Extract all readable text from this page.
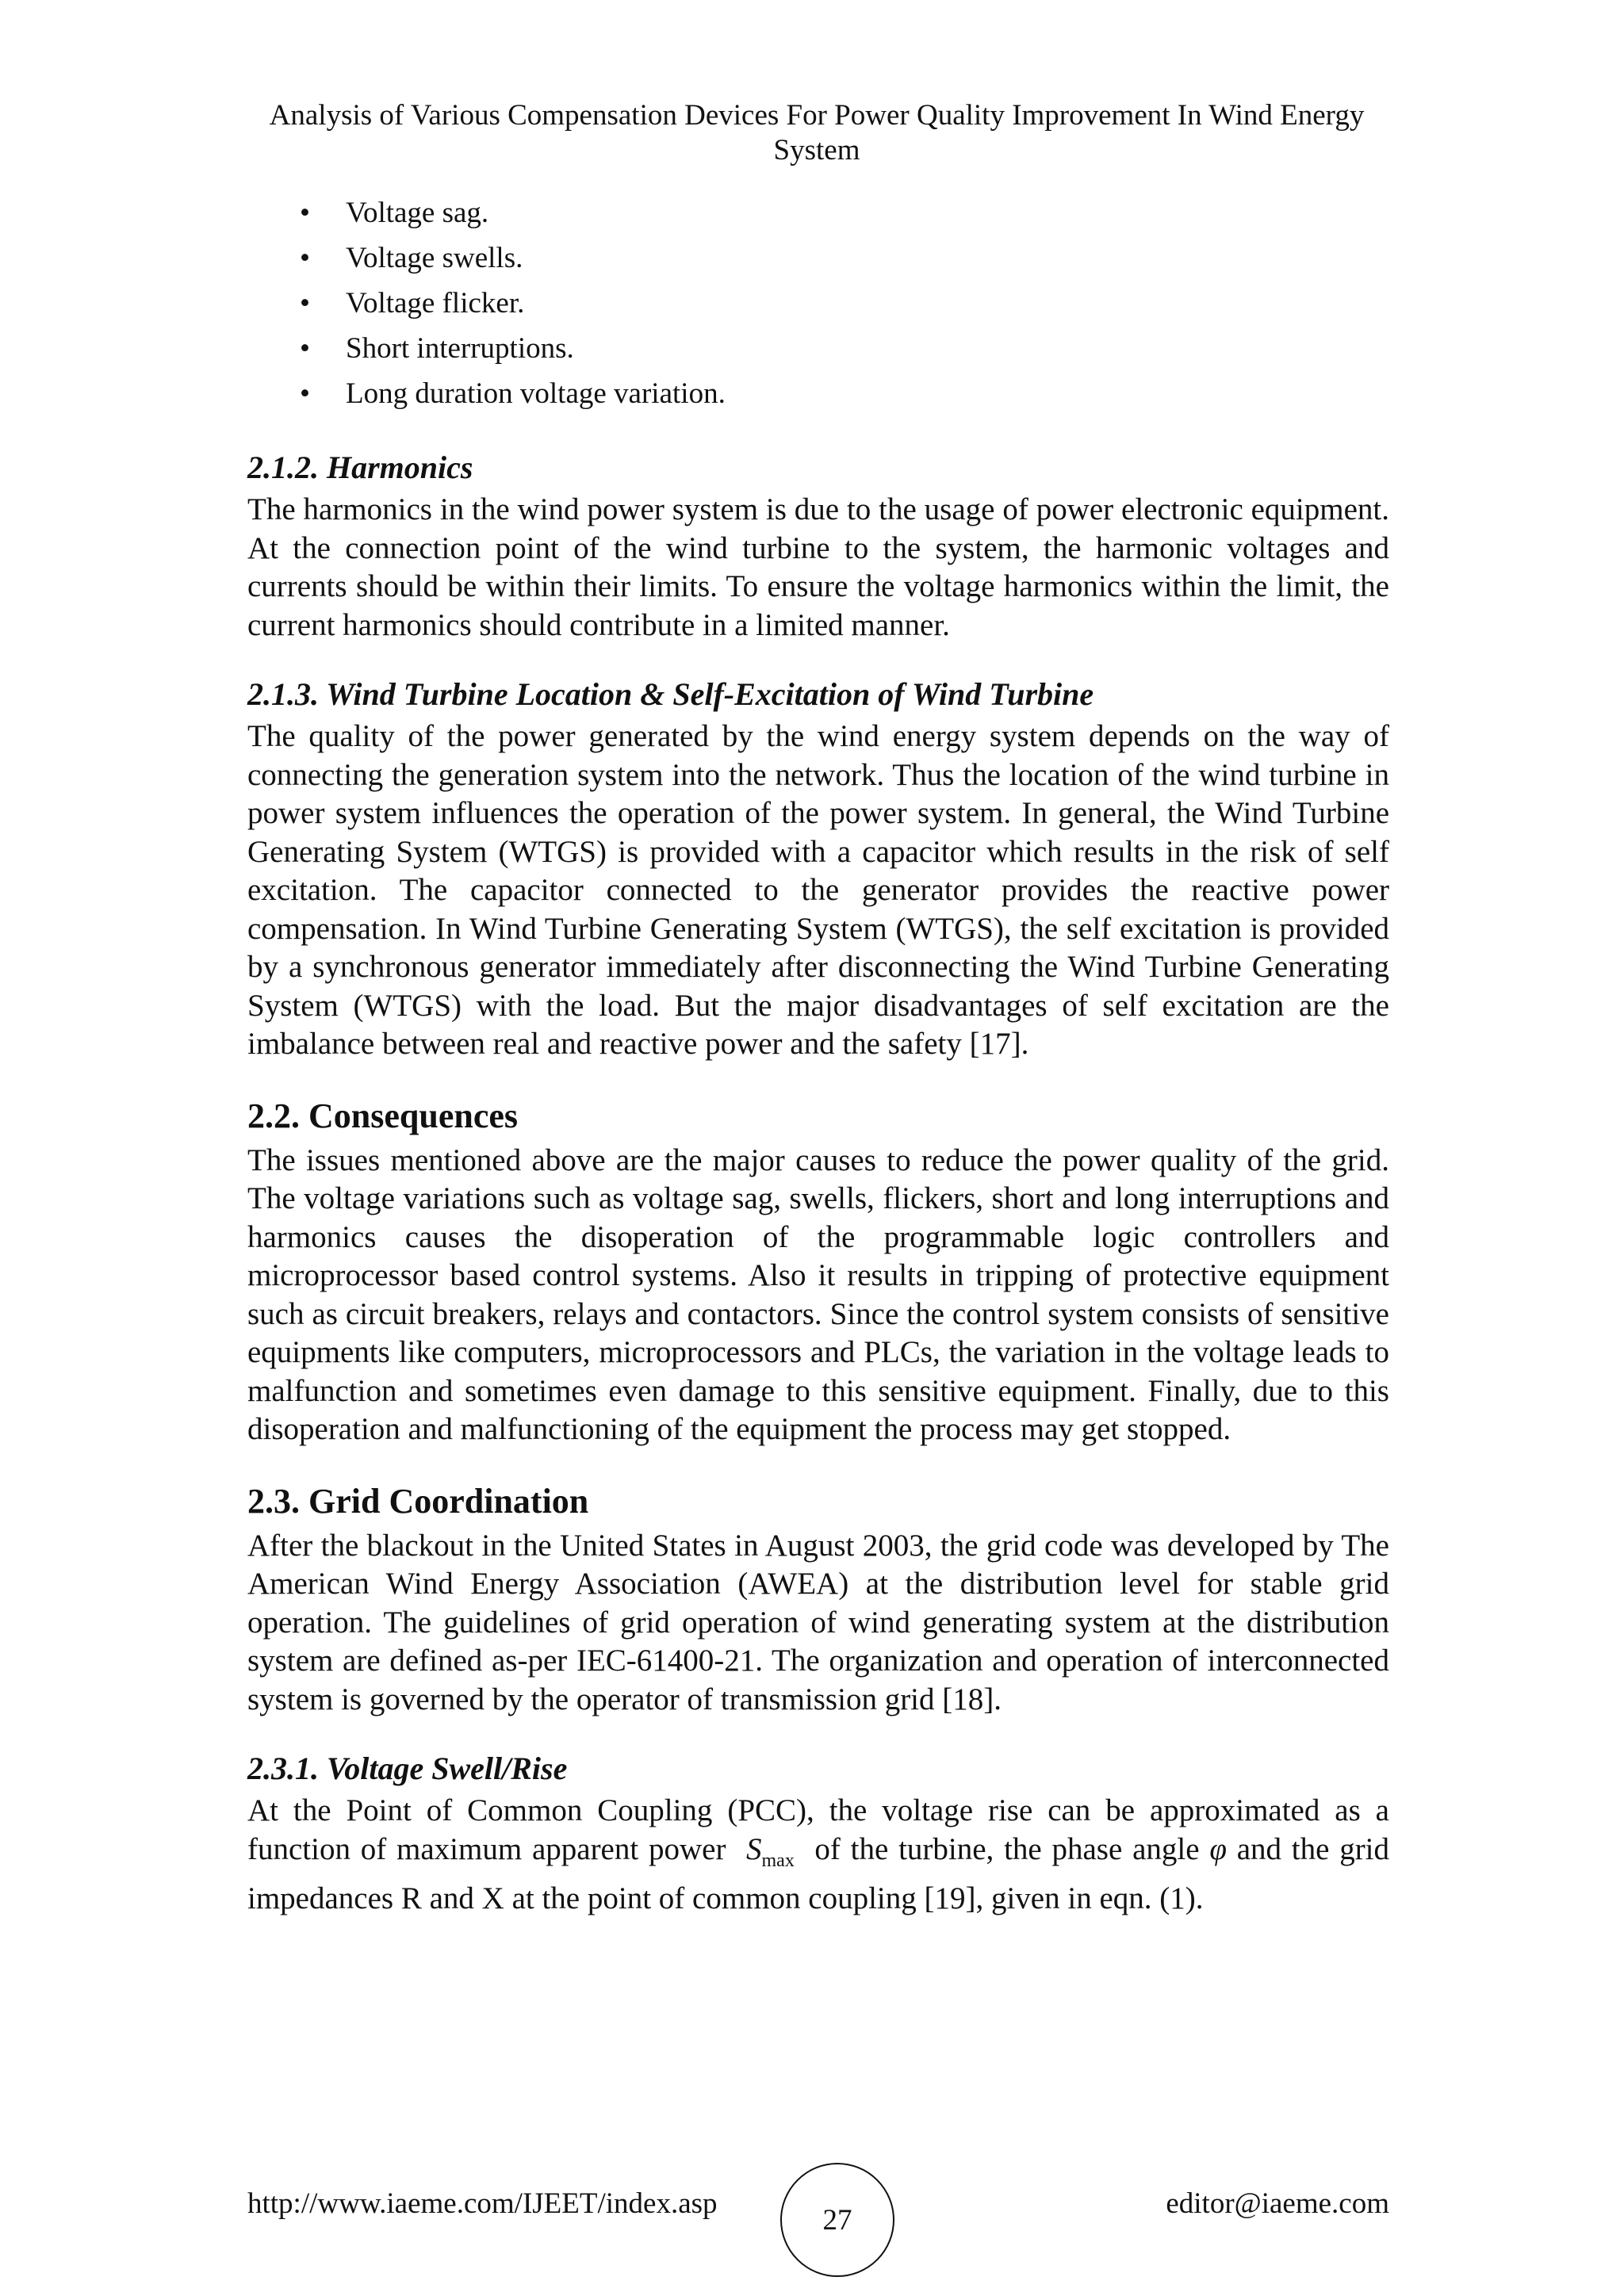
Analysis of Various Compensation Devices For Power Quality Improvement In Wind Energy
System
• Voltage sag.
• Voltage swells.
• Voltage flicker.
• Short interruptions.
• Long duration voltage variation.
2.1.2. Harmonics

The harmonics in the wind power system is due to the usage of power electronic equipment. At the connection point of the wind turbine to the system, the harmonic voltages and currents should be within their limits. To ensure the voltage harmonics within the limit, the current harmonics should contribute in a limited manner.

2.1.3. Wind Turbine Location & Self-Excitation of Wind Turbine

The quality of the power generated by the wind energy system depends on the way of connecting the generation system into the network. Thus the location of the wind turbine in power system influences the operation of the power system. In general, the Wind Turbine Generating System (WTGS) is provided with a capacitor which results in the risk of self excitation. The capacitor connected to the generator provides the reactive power compensation. In Wind Turbine Generating System (WTGS), the self excitation is provided by a synchronous generator immediately after disconnecting the Wind Turbine Generating System (WTGS) with the load. But the major disadvantages of self excitation are the imbalance between real and reactive power and the safety [17].

2.2. Consequences

The issues mentioned above are the major causes to reduce the power quality of the grid. The voltage variations such as voltage sag, swells, flickers, short and long interruptions and harmonics causes the disoperation of the programmable logic controllers and microprocessor based control systems. Also it results in tripping of protective equipment such as circuit breakers, relays and contactors. Since the control system consists of sensitive equipments like computers, microprocessors and PLCs, the variation in the voltage leads to malfunction and sometimes even damage to this sensitive equipment. Finally, due to this disoperation and malfunctioning of the equipment the process may get stopped.

2.3. Grid Coordination

After the blackout in the United States in August 2003, the grid code was developed by The American Wind Energy Association (AWEA) at the distribution level for stable grid operation. The guidelines of grid operation of wind generating system at the distribution system are defined as-per IEC-61400-21. The organization and operation of interconnected system is governed by the operator of transmission grid [18].

2.3.1. Voltage Swell/Rise

At the Point of Common Coupling (PCC), the voltage rise can be approximated as a function of maximum apparent power $S_{max}$ of the turbine, the phase angle φ and the grid impedances R and X at the point of common coupling [19], given in eqn. (1).

http://www.iaeme.com/IJEET/index.asp	27	editor@iaeme.com
